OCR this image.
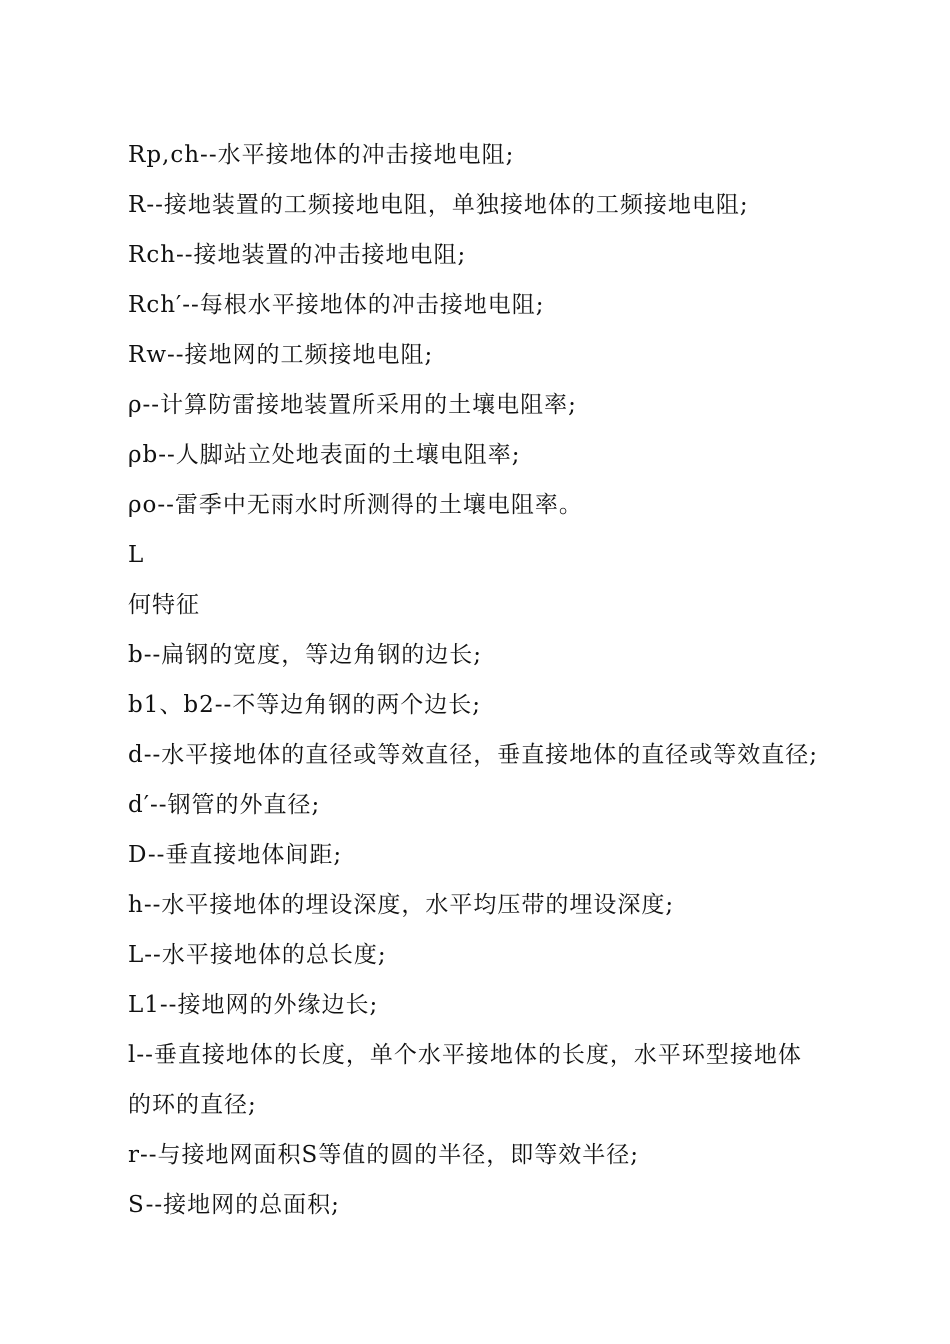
Rp,ch--水平接地体的冲击接地电阻;
R--接地装置的工频接地电阻，单独接地体的工频接地电阻;
Rch--接地装置的冲击接地电阻;
Rch′--每根水平接地体的冲击接地电阻;
Rw--接地网的工频接地电阻;
ρ--计算防雷接地装置所采用的土壤电阻率;
ρb--人脚站立处地表面的土壤电阻率;
ρo--雷季中无雨水时所测得的土壤电阻率。
L
何特征
b--扁钢的宽度，等边角钢的边长;
b1、b2--不等边角钢的两个边长;
d--水平接地体的直径或等效直径，垂直接地体的直径或等效直径;
d′--钢管的外直径;
D--垂直接地体间距;
h--水平接地体的埋设深度，水平均压带的埋设深度;
L--水平接地体的总长度;
L1--接地网的外缘边长;
l--垂直接地体的长度，单个水平接地体的长度，水平环型接地体
的环的直径;
r--与接地网面积S等值的圆的半径，即等效半径;
S--接地网的总面积;
